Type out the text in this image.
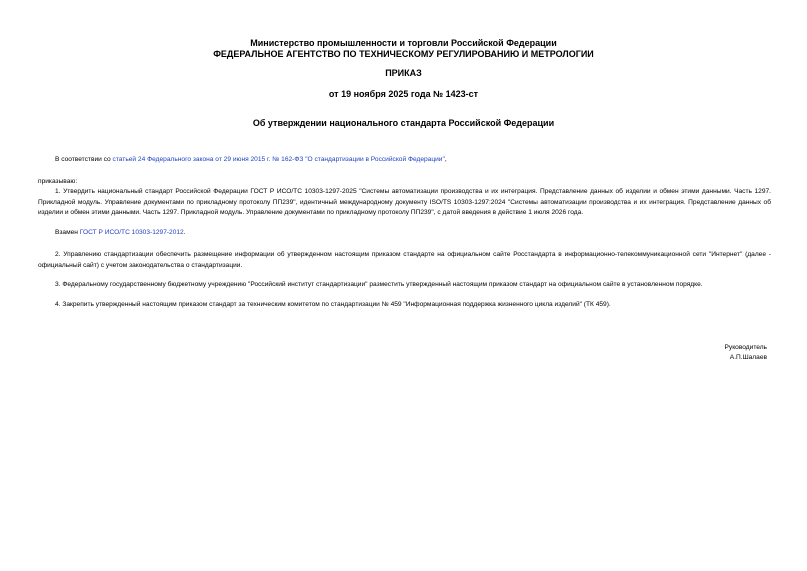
Министерство промышленности и торговли Российской Федерации
ФЕДЕРАЛЬНОЕ АГЕНТСТВО ПО ТЕХНИЧЕСКОМУ РЕГУЛИРОВАНИЮ И МЕТРОЛОГИИ
ПРИКАЗ
от 19 ноября 2025 года № 1423-ст
Об утверждении национального стандарта Российской Федерации
В соответствии со статьей 24 Федерального закона от 29 июня 2015 г. № 162-ФЗ "О стандартизации в Российской Федерации",
приказываю:
1. Утвердить национальный стандарт Российской Федерации ГОСТ Р ИСО/ТС 10303-1297-2025 "Системы автоматизации производства и их интеграция. Представление данных об изделии и обмен этими данными. Часть 1297. Прикладной модуль. Управление документами по прикладному протоколу ПП239", идентичный международному документу ISO/TS 10303-1297:2024 "Системы автоматизации производства и их интеграция. Представление данных об изделии и обмен этими данными. Часть 1297. Прикладной модуль. Управление документами по прикладному протоколу ПП239", с датой введения в действие 1 июля 2026 года.
Взамен ГОСТ Р ИСО/ТС 10303-1297-2012.
2. Управлению стандартизации обеспечить размещение информации об утвержденном настоящим приказом стандарте на официальном сайте Росстандарта в информационно-телекоммуникационной сети "Интернет" (далее - официальный сайт) с учетом законодательства о стандартизации.
3. Федеральному государственному бюджетному учреждению "Российский институт стандартизации" разместить утвержденный настоящим приказом стандарт на официальном сайте в установленном порядке.
4. Закрепить утвержденный настоящим приказом стандарт за техническим комитетом по стандартизации № 459 "Информационная поддержка жизненного цикла изделий" (ТК 459).
Руководитель
А.П.Шалаев
